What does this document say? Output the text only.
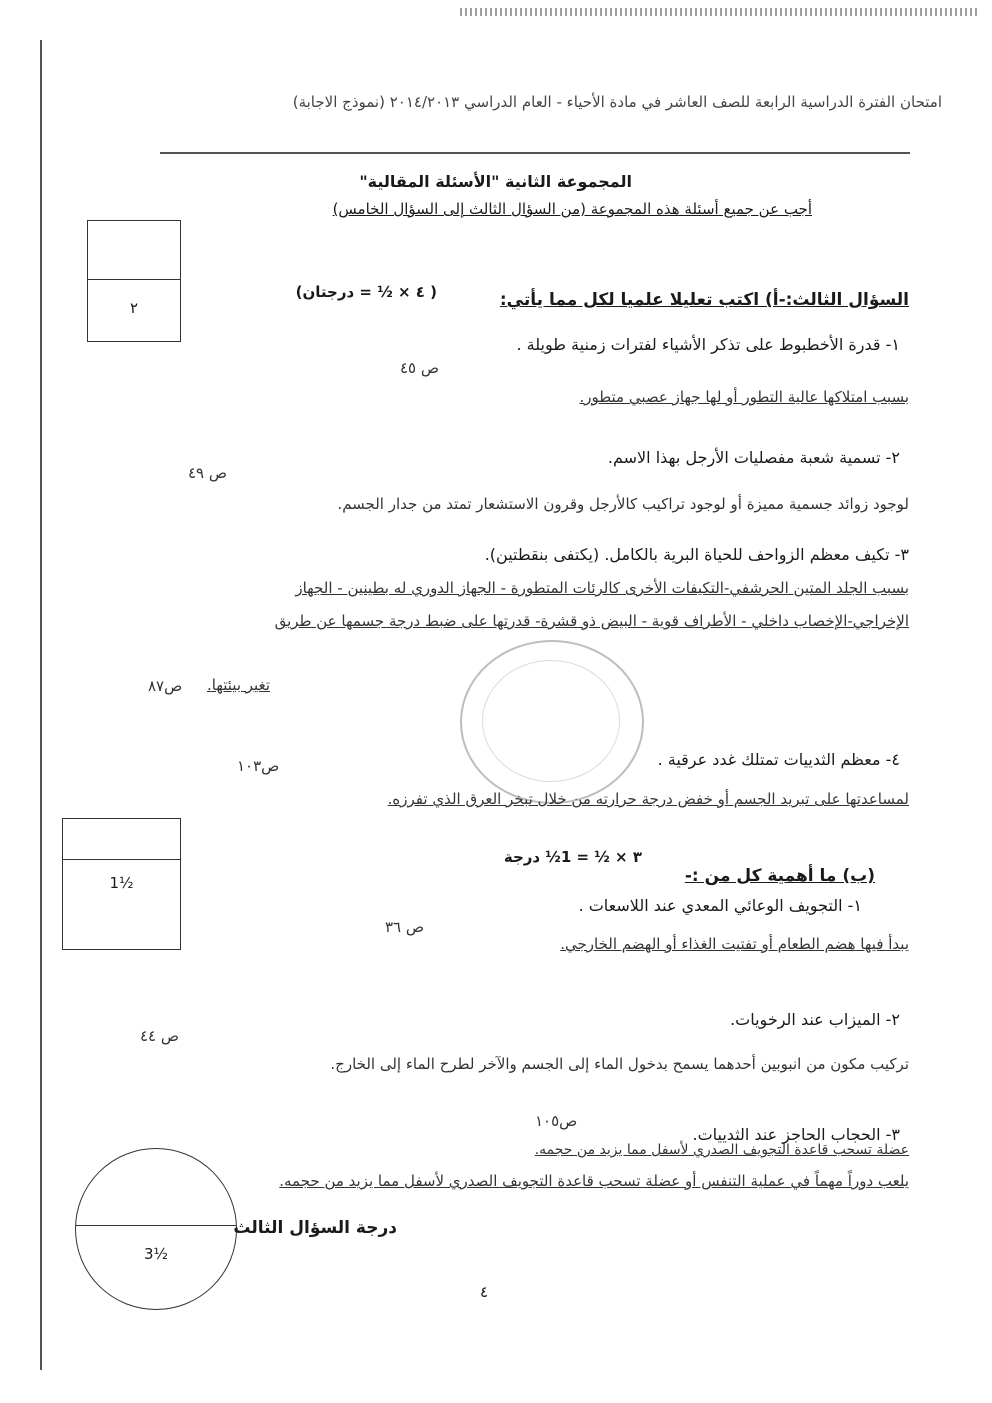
امتحان الفترة الدراسية الرابعة للصف العاشر في مادة الأحياء - العام الدراسي ٢٠١٤/٢٠١٣ (نموذج الاجابة)
المجموعة الثانية "الأسئلة المقالية"
أجب عن جميع أسئلة هذه المجموعة (من السؤال الثالث إلى السؤال الخامس)
٢	السؤال الثالث:-أ) اكتب تعليلا علميا لكل مما يأتي:
( ٤ × ½ = درجتان)
١- قدرة الأخطبوط على تذكر الأشياء لفترات زمنية طويلة .
بسبب امتلاكها عالية التطور أو لها جهاز عصبي متطور.
ص ٤٥
٢- تسمية شعبة مفصليات الأرجل بهذا الاسم.
لوجود زوائد جسمية مميزة أو لوجود تراكيب كالأرجل وقرون الاستشعار تمتد من جدار الجسم.
ص ٤٩
٣- تكيف معظم الزواحف للحياة البرية بالكامل. (يكتفى بنقطتين).
بسبب الجلد المتين الحرشفي-التكيفات الأخرى كالرئات المتطورة - الجهاز الدوري له بطينين - الجهاز
الإخراجي-الإخصاب داخلي - الأطراف قوية - البيض ذو قشرة- قدرتها على ضبط درجة جسمها عن طريق
تغير بيئتها.
ص٨٧
٤- معظم الثدييات تمتلك غدد عرقية .
لمساعدتها على تبريد الجسم أو خفض درجة حرارته من خلال تبخر العرق الذي تفرزه.
ص١٠٣
1½	(ب) ما أهمية كل من :-
٣ × ½ = 1½ درجة
١- التجويف الوعائي المعدي عند اللاسعات .
يبدأ فيها هضم الطعام أو تفتيت الغذاء أو الهضم الخارجي.
ص ٣٦
٢- الميزاب عند الرخويات.
تركيب مكون من انبوبين أحدهما يسمح بدخول الماء إلى الجسم والآخر لطرح الماء إلى الخارج.
ص ٤٤
٣- الحجاب الحاجز عند الثدييات.
ص١٠٥
عضلة تسحب قاعدة التجويف الصدري لأسفل مما يزيد من حجمه.
يلعب دوراً مهماً في عملية التنفس أو عضلة تسحب قاعدة التجويف الصدري لأسفل مما يزيد من حجمه.
3½
درجة السؤال الثالث
٤
